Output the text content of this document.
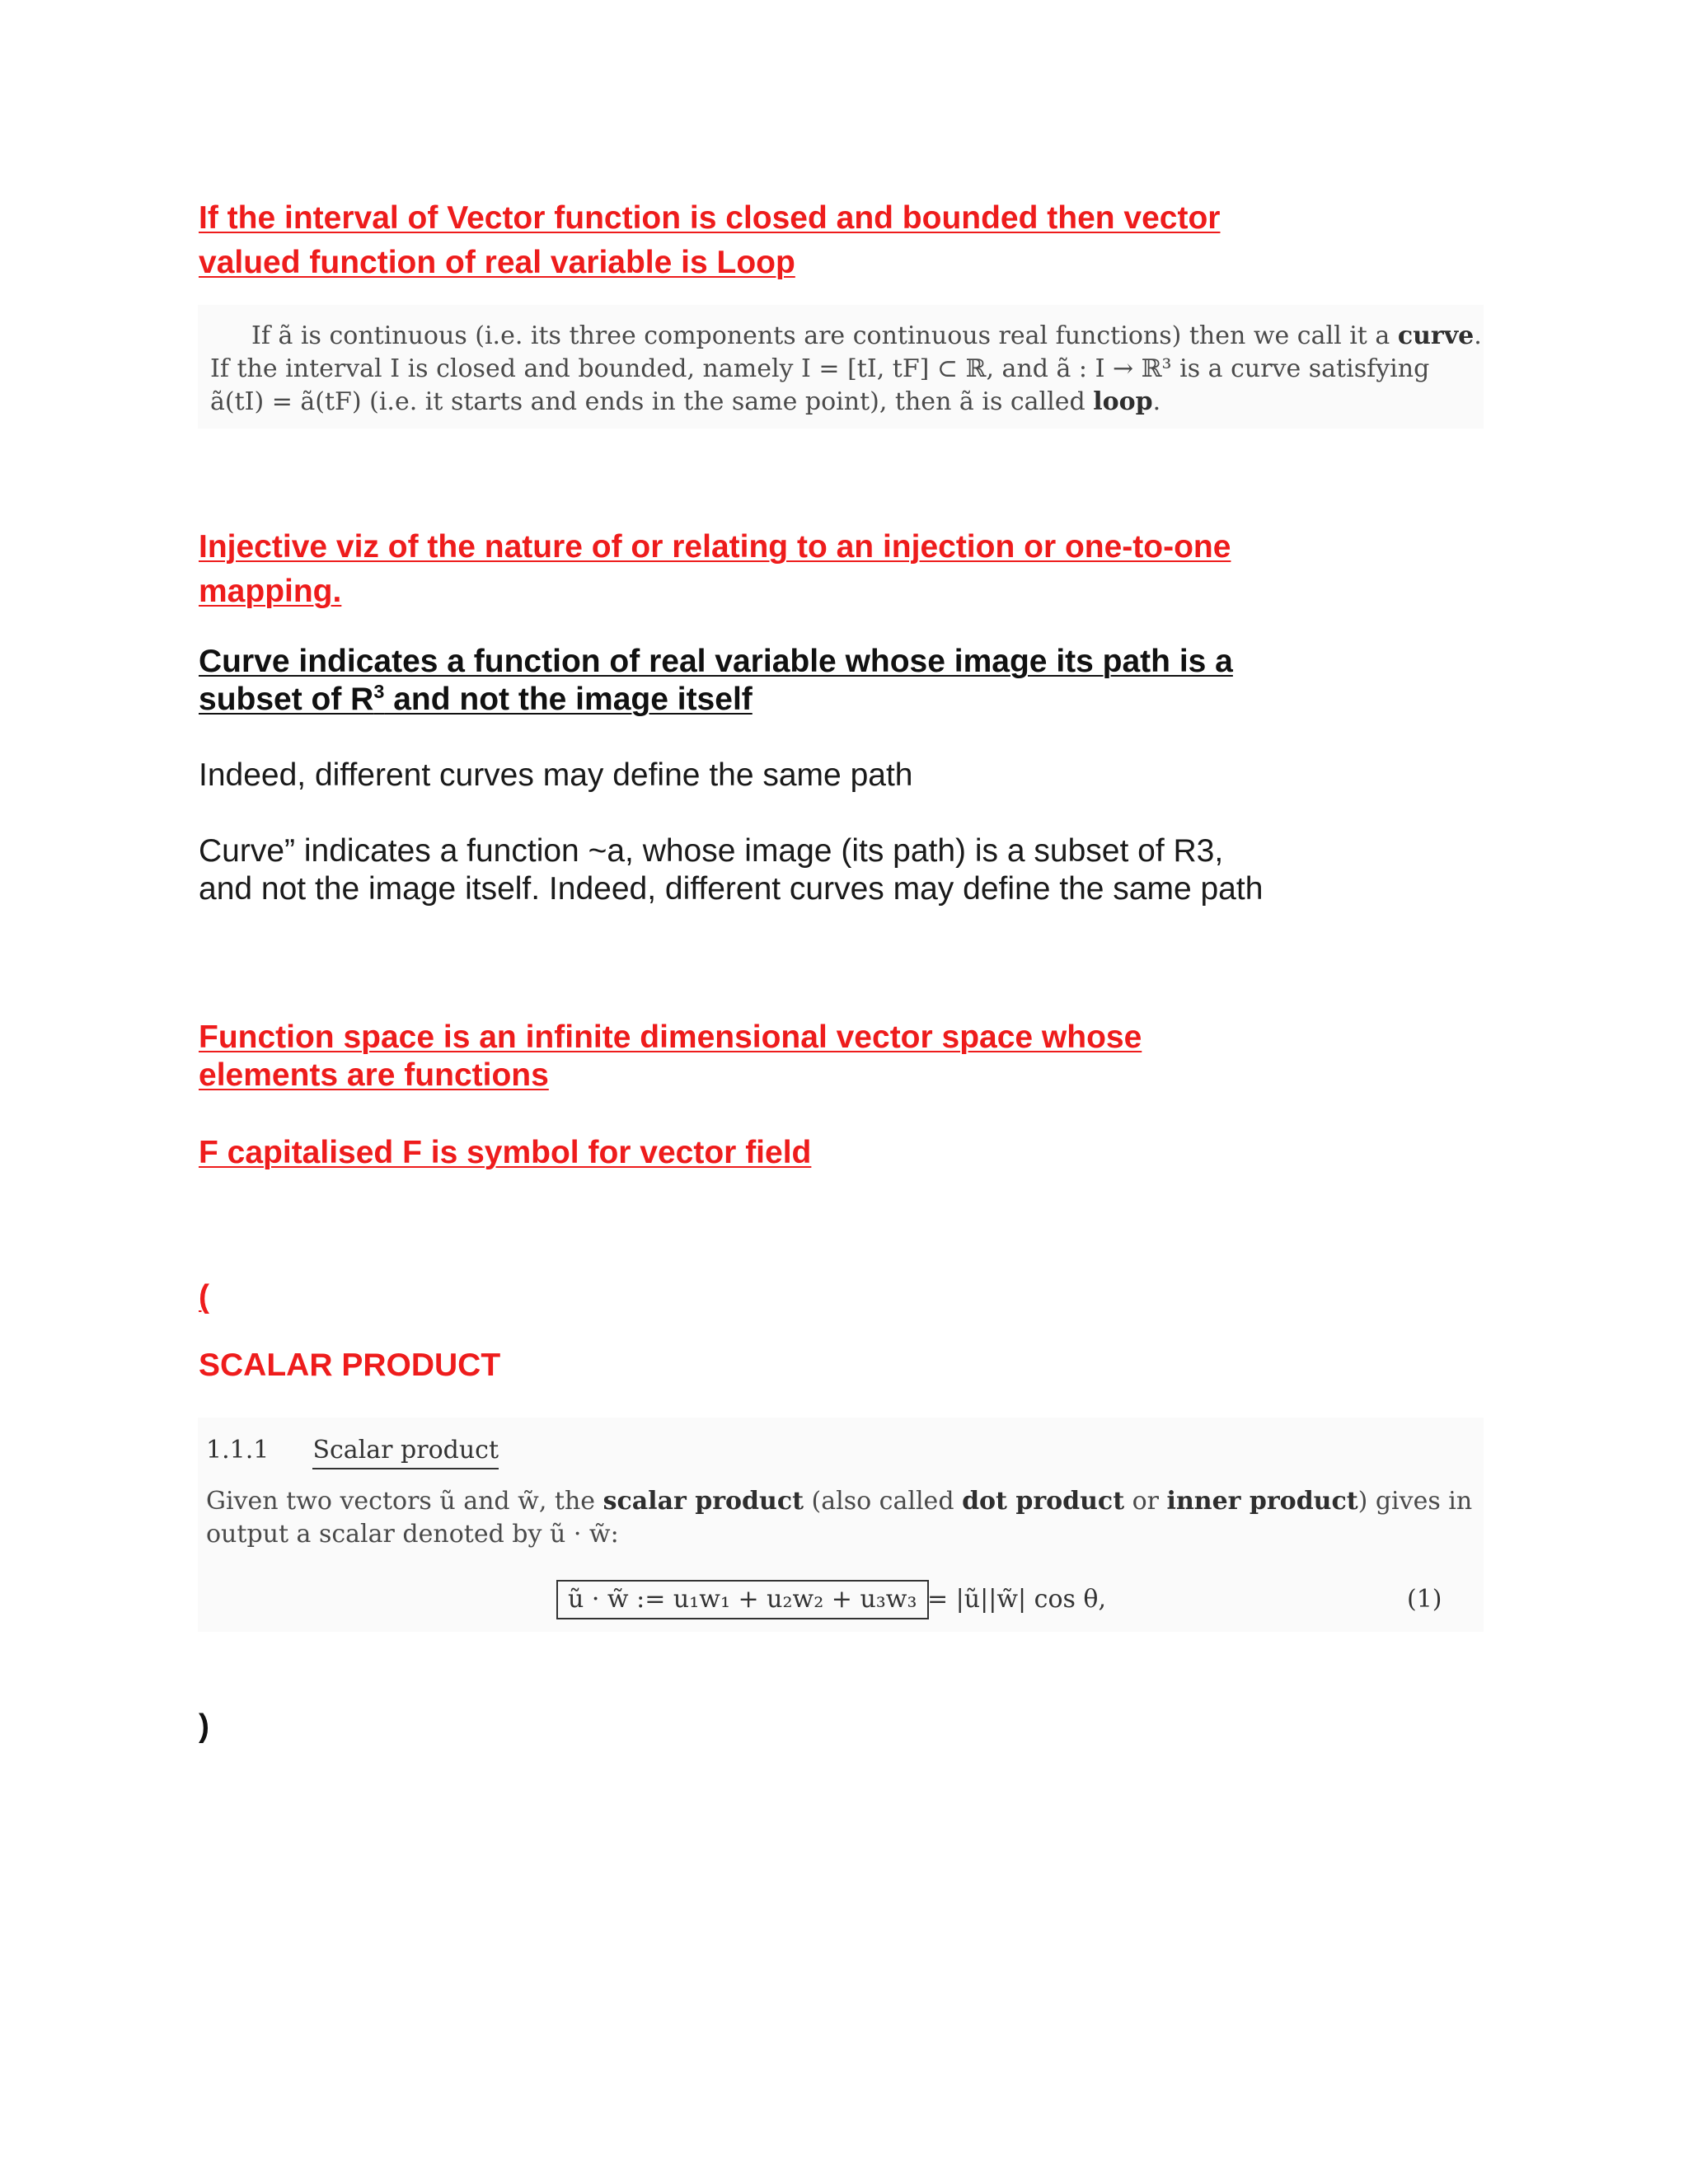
If the interval of Vector function is closed and bounded then vector valued function of real variable is Loop
If ã is continuous (i.e. its three components are continuous real functions) then we call it a curve.
If the interval I is closed and bounded, namely I = [tI, tF] ⊂ ℝ, and ã : I → ℝ³ is a curve satisfying
ã(tI) = ã(tF) (i.e. it starts and ends in the same point), then ã is called loop.
Injective viz of the nature of or relating to an injection or one-to-one mapping.
Curve indicates a function of real variable whose image its path is a
subset of $R^3$ and not the image itself
Indeed, different curves may define the same path
Curve” indicates a function ~a, whose image (its path) is a subset of R3, and not the image itself. Indeed, different curves may define the same path
Function space is an infinite dimensional vector space whose elements are functions
F capitalised F is symbol for vector field
(
SCALAR PRODUCT
1.1.1 Scalar product
Given two vectors ũ and w̃, the scalar product (also called dot product or inner product) gives in
output a scalar denoted by ũ · w̃:
ũ · w̃ := u₁w₁ + u₂w₂ + u₃w₃ = |ũ||w̃| cos θ,	(1)
)
